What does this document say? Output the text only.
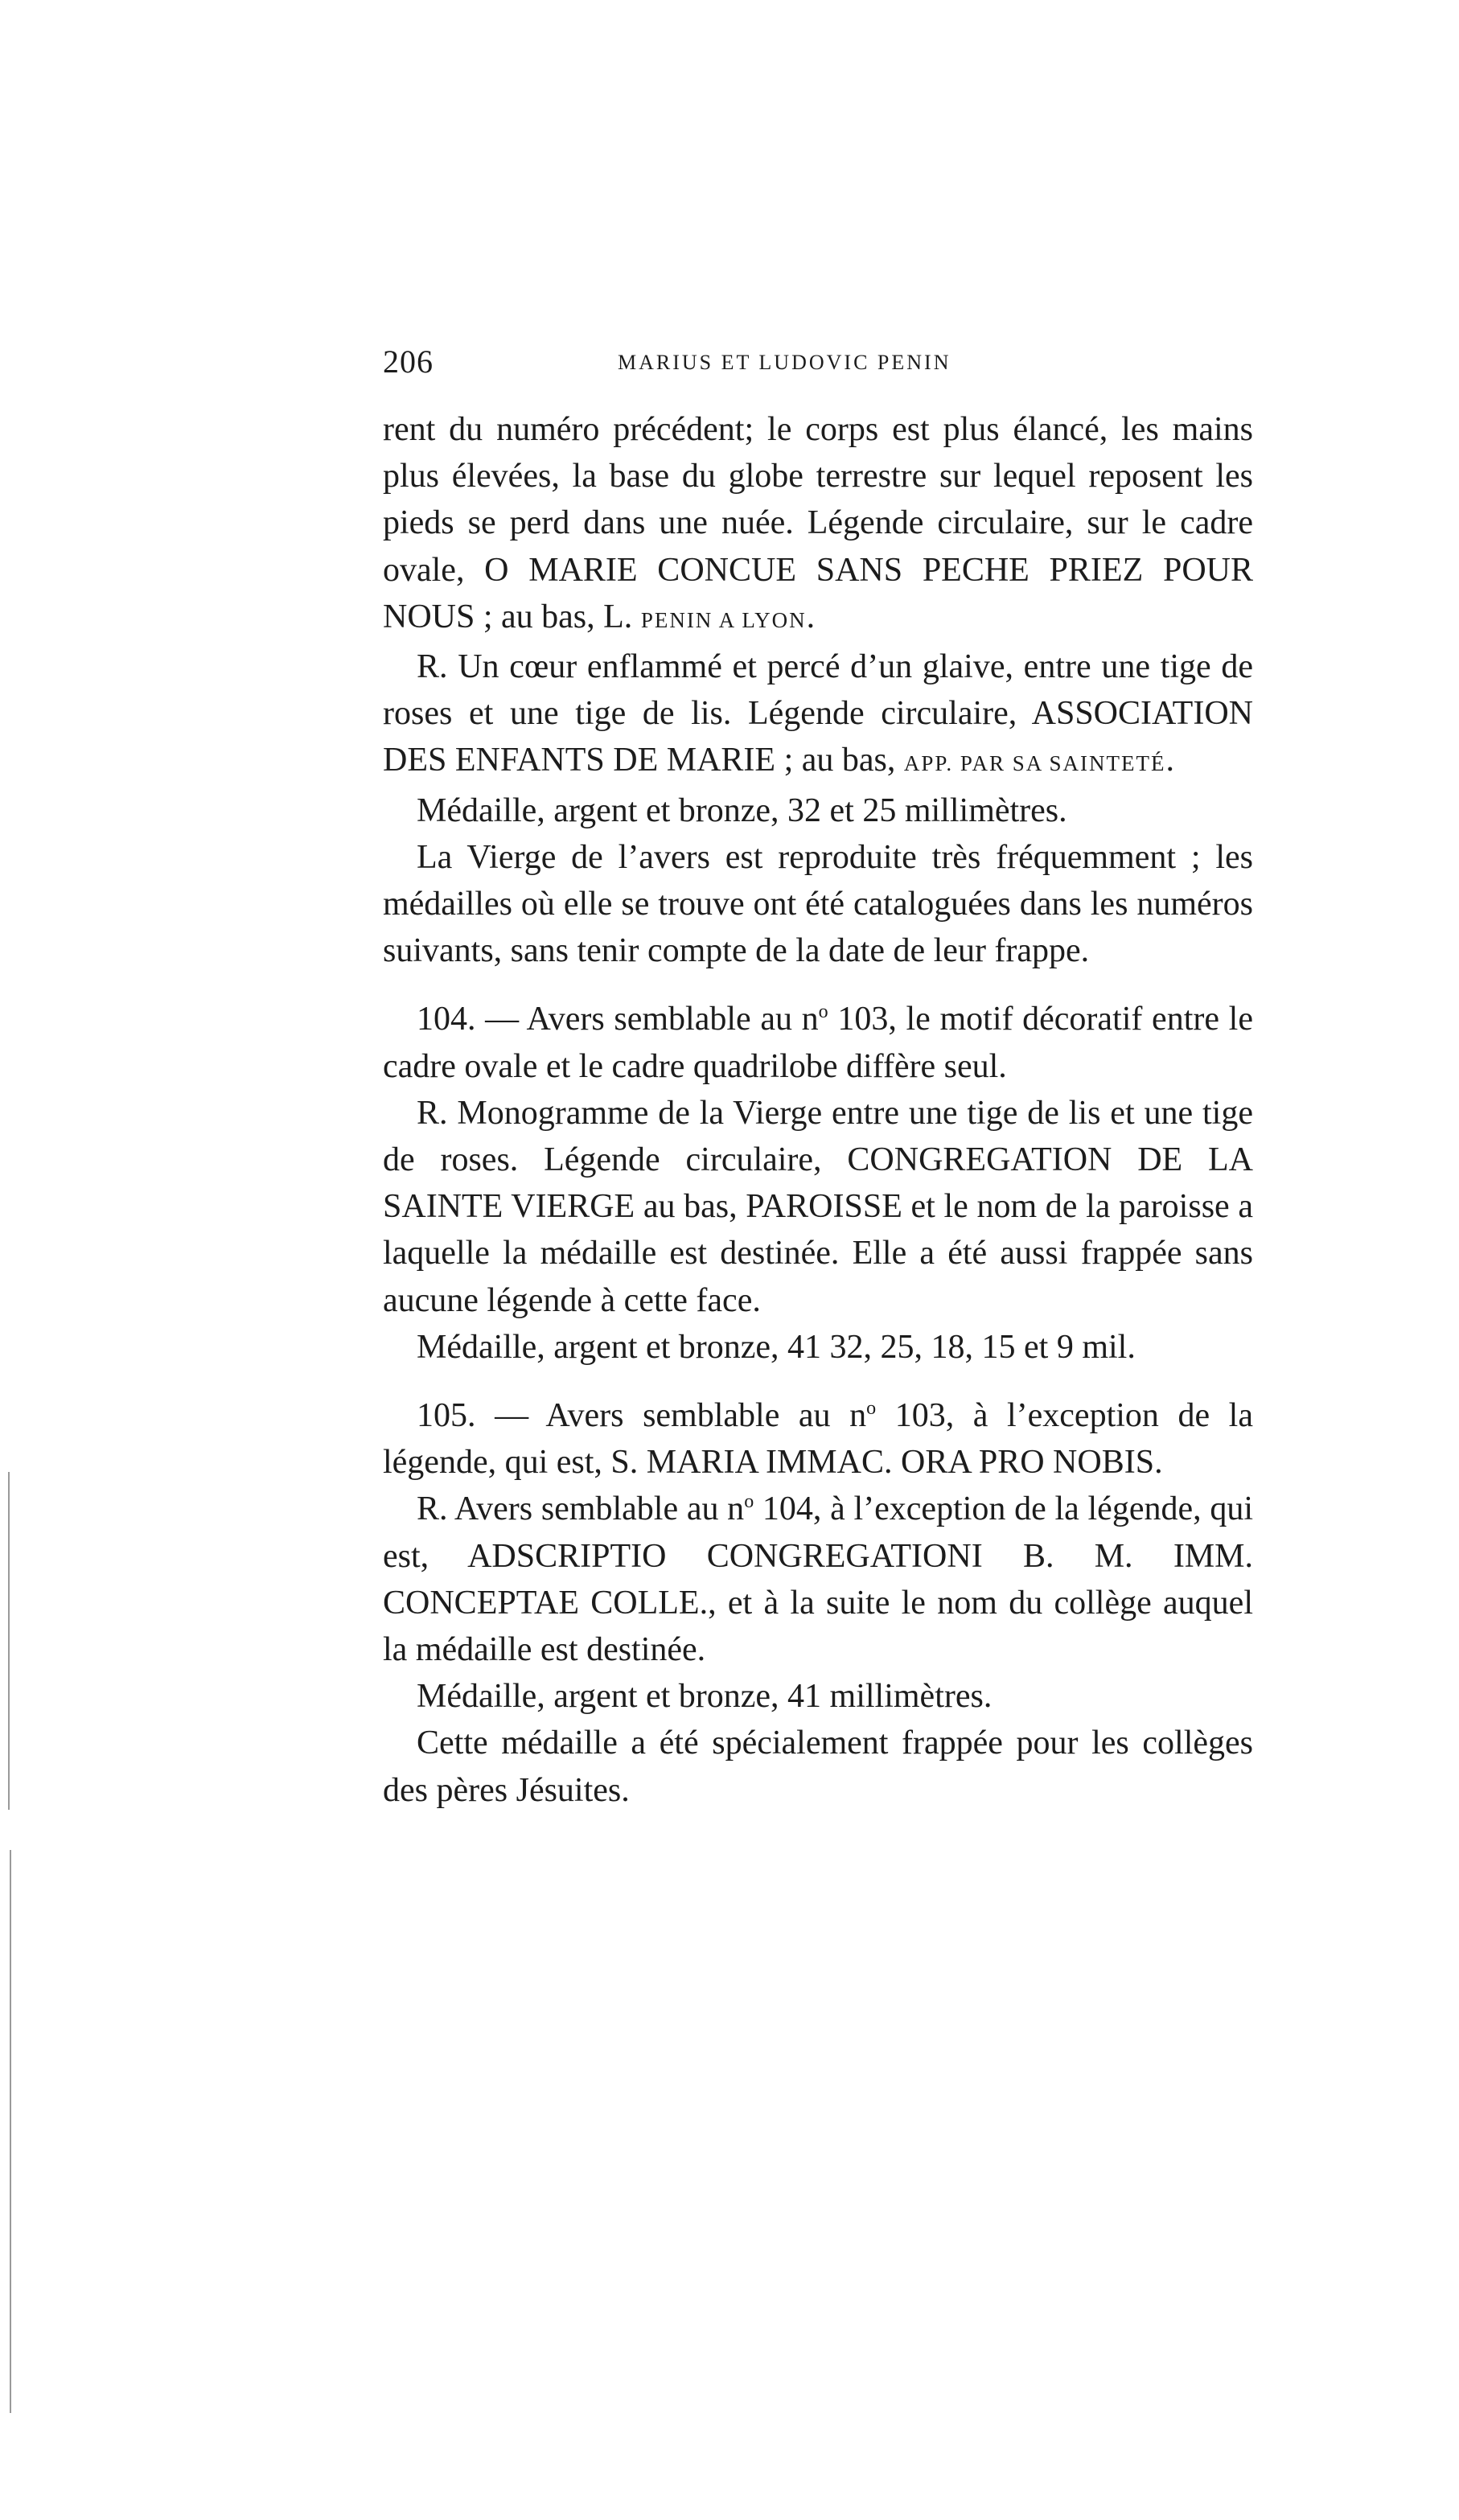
206	MARIUS ET LUDOVIC PENIN

rent du numéro précédent; le corps est plus élancé, les mains plus élevées, la base du globe terrestre sur lequel reposent les pieds se perd dans une nuée. Légende circulaire, sur le cadre ovale, O MARIE CONCUE SANS PECHE PRIEZ POUR NOUS ; au bas, L. PENIN A LYON.

R. Un cœur enflammé et percé d’un glaive, entre une tige de roses et une tige de lis. Légende circulaire, ASSOCIATION DES ENFANTS DE MARIE ; au bas, APP. PAR SA SAINTETÉ.

Médaille, argent et bronze, 32 et 25 millimètres.

La Vierge de l’avers est reproduite très fréquemment ; les médailles où elle se trouve ont été cataloguées dans les numéros suivants, sans tenir compte de la date de leur frappe.

104. — Avers semblable au $n^o$ 103, le motif décoratif entre le cadre ovale et le cadre quadrilobe diffère seul.

R. Monogramme de la Vierge entre une tige de lis et une tige de roses. Légende circulaire, CONGREGATION DE LA SAINTE VIERGE au bas, PAROISSE et le nom de la paroisse a laquelle la médaille est destinée. Elle a été aussi frappée sans aucune légende à cette face.

Médaille, argent et bronze, 41 32, 25, 18, 15 et 9 mil.

105. — Avers semblable au $n^o$ 103, à l’exception de la légende, qui est, S. MARIA IMMAC. ORA PRO NOBIS.

R. Avers semblable au $n^o$ 104, à l’exception de la légende, qui est, ADSCRIPTIO CONGREGATIONI B. M. IMM. CONCEPTAE COLLE., et à la suite le nom du collège auquel la médaille est destinée.

Médaille, argent et bronze, 41 millimètres.

Cette médaille a été spécialement frappée pour les collèges des pères Jésuites.
